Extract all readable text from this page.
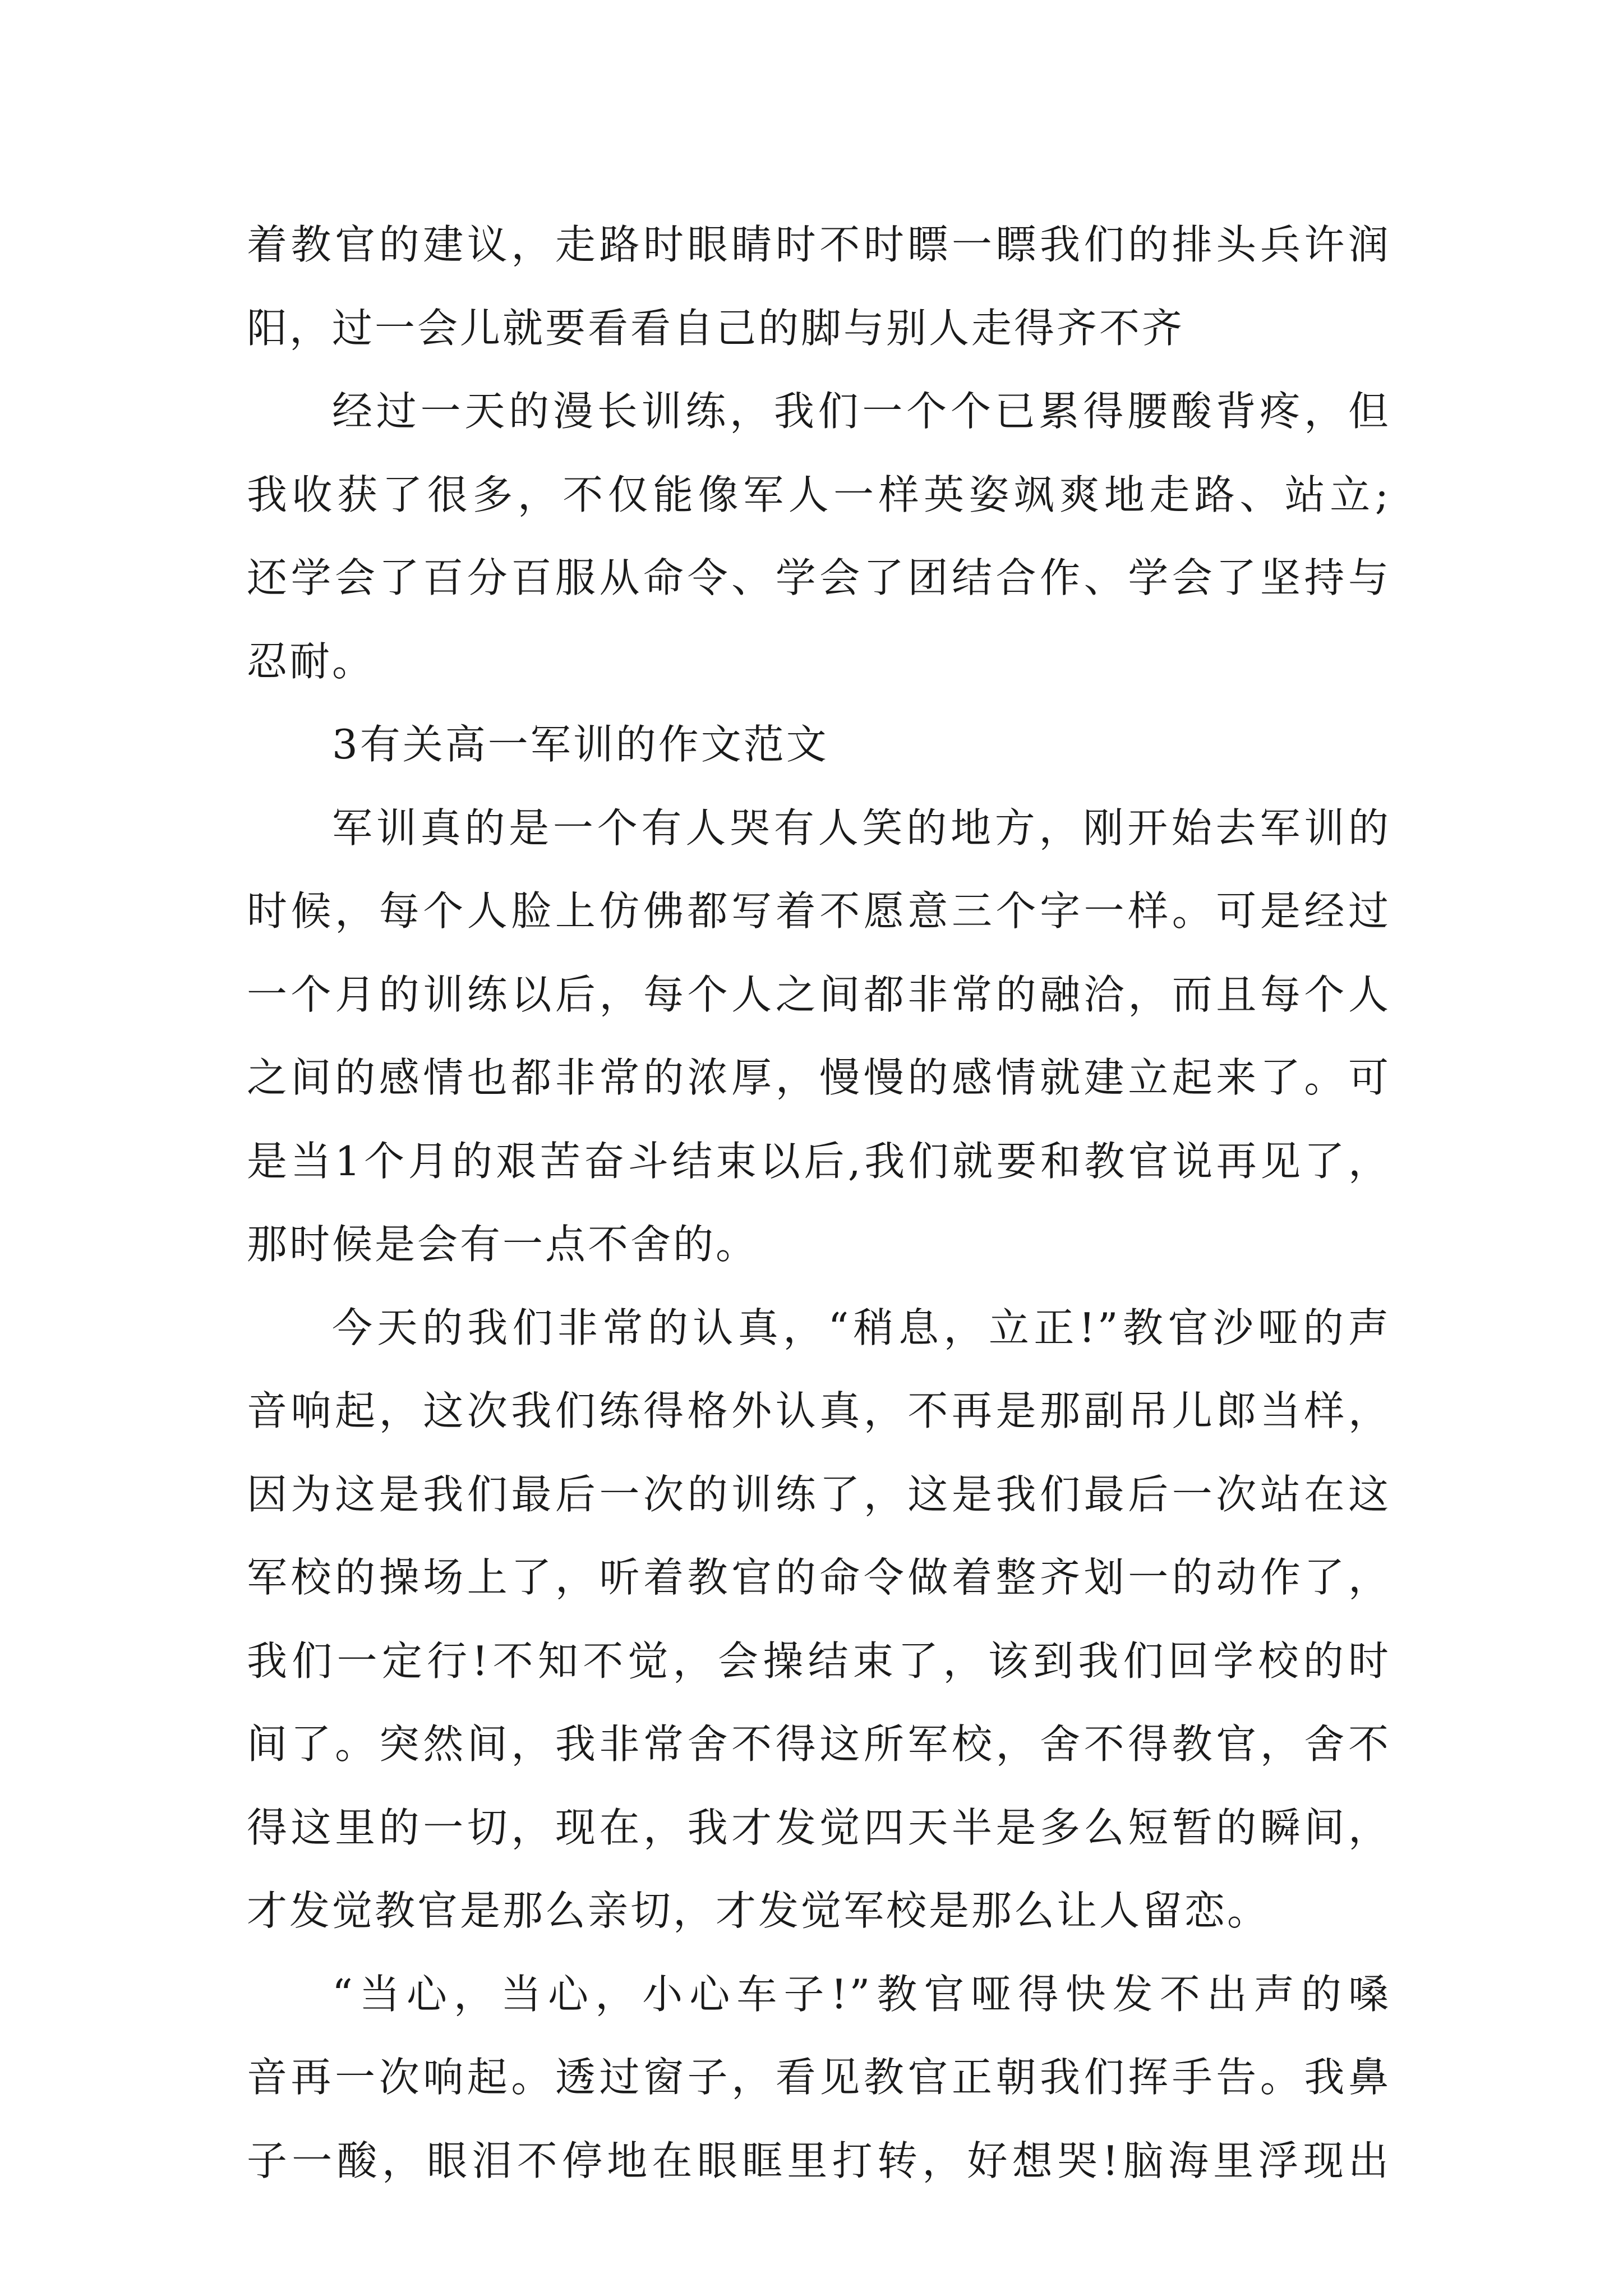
着教官的建议，走路时眼睛时不时瞟一瞟我们的排头兵许润
阳，过一会儿就要看看自己的脚与别人走得齐不齐

经过一天的漫长训练，我们一个个已累得腰酸背疼，但
我收获了很多，不仅能像军人一样英姿飒爽地走路、站立;
还学会了百分百服从命令、学会了团结合作、学会了坚持与
忍耐。

3有关高一军训的作文范文

军训真的是一个有人哭有人笑的地方，刚开始去军训的
时候，每个人脸上仿佛都写着不愿意三个字一样。可是经过
一个月的训练以后，每个人之间都非常的融洽，而且每个人
之间的感情也都非常的浓厚，慢慢的感情就建立起来了。可
是当1个月的艰苦奋斗结束以后,我们就要和教官说再见了，
那时候是会有一点不舍的。

今天的我们非常的认真，“稍息，立正!”教官沙哑的声
音响起，这次我们练得格外认真，不再是那副吊儿郎当样，
因为这是我们最后一次的训练了，这是我们最后一次站在这
军校的操场上了，听着教官的命令做着整齐划一的动作了，
我们一定行!不知不觉，会操结束了，该到我们回学校的时
间了。突然间，我非常舍不得这所军校，舍不得教官，舍不
得这里的一切，现在，我才发觉四天半是多么短暂的瞬间，
才发觉教官是那么亲切，才发觉军校是那么让人留恋。

“当心，当心，小心车子!”教官哑得快发不出声的嗓
音再一次响起。透过窗子，看见教官正朝我们挥手告。我鼻
子一酸，眼泪不停地在眼眶里打转，好想哭!脑海里浮现出
